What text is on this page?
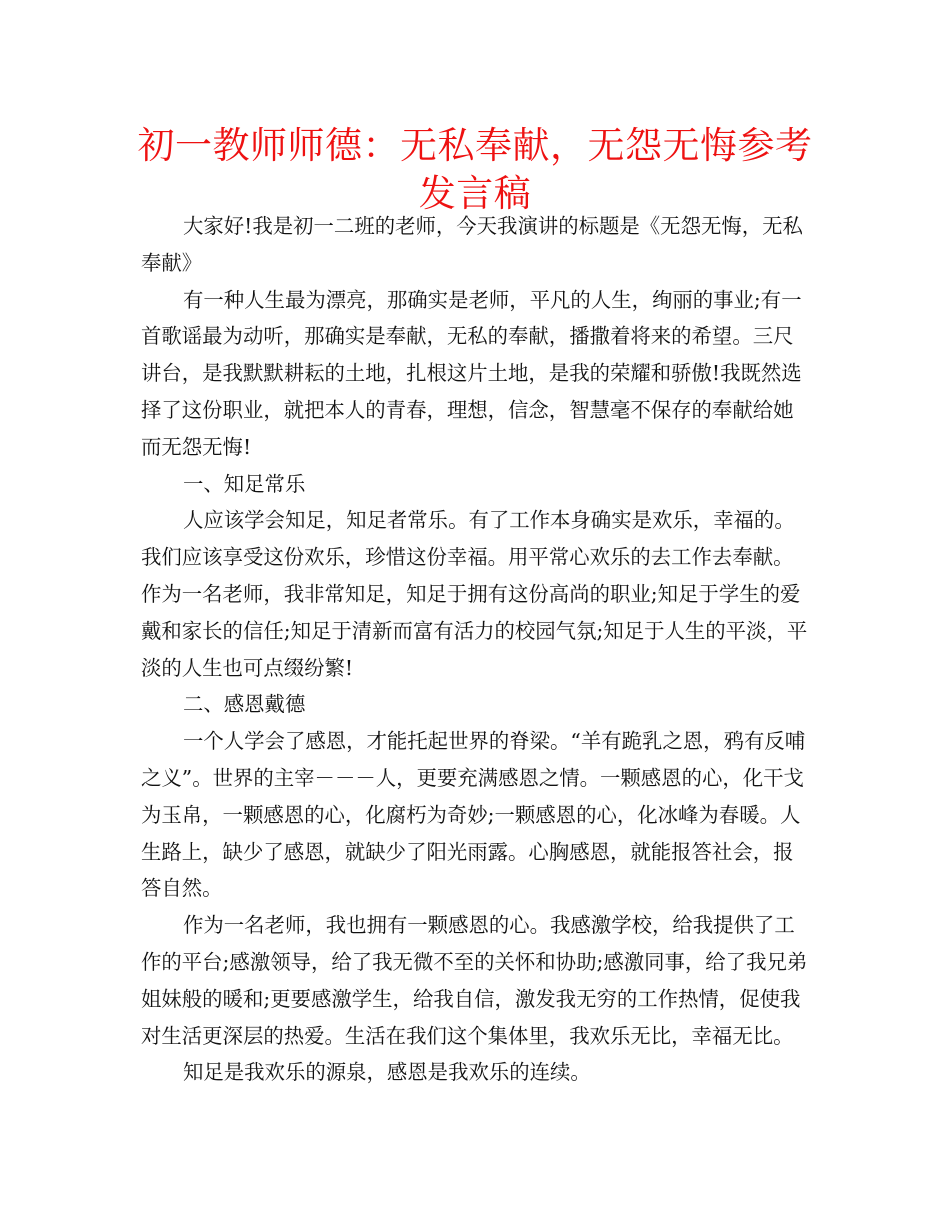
初一教师师德：无私奉献，无怨无悔参考发言稿

大家好!我是初一二班的老师，今天我演讲的标题是《无怨无悔，无私奉献》

有一种人生最为漂亮，那确实是老师，平凡的人生，绚丽的事业;有一首歌谣最为动听，那确实是奉献，无私的奉献，播撒着将来的希望。三尺讲台，是我默默耕耘的土地，扎根这片土地，是我的荣耀和骄傲!我既然选择了这份职业，就把本人的青春，理想，信念，智慧毫不保存的奉献给她而无怨无悔!

一、知足常乐

人应该学会知足，知足者常乐。有了工作本身确实是欢乐，幸福的。我们应该享受这份欢乐，珍惜这份幸福。用平常心欢乐的去工作去奉献。作为一名老师，我非常知足，知足于拥有这份高尚的职业;知足于学生的爱戴和家长的信任;知足于清新而富有活力的校园气氛;知足于人生的平淡，平淡的人生也可点缀纷繁!

二、感恩戴德

一个人学会了感恩，才能托起世界的脊梁。“羊有跪乳之恩，鸦有反哺之义”。世界的主宰－－－人，更要充满感恩之情。一颗感恩的心，化干戈为玉帛，一颗感恩的心，化腐朽为奇妙;一颗感恩的心，化冰峰为春暖。人生路上，缺少了感恩，就缺少了阳光雨露。心胸感恩，就能报答社会，报答自然。

作为一名老师，我也拥有一颗感恩的心。我感激学校，给我提供了工作的平台;感激领导，给了我无微不至的关怀和协助;感激同事，给了我兄弟姐妹般的暖和;更要感激学生，给我自信，激发我无穷的工作热情，促使我对生活更深层的热爱。生活在我们这个集体里，我欢乐无比，幸福无比。

知足是我欢乐的源泉，感恩是我欢乐的连续。
